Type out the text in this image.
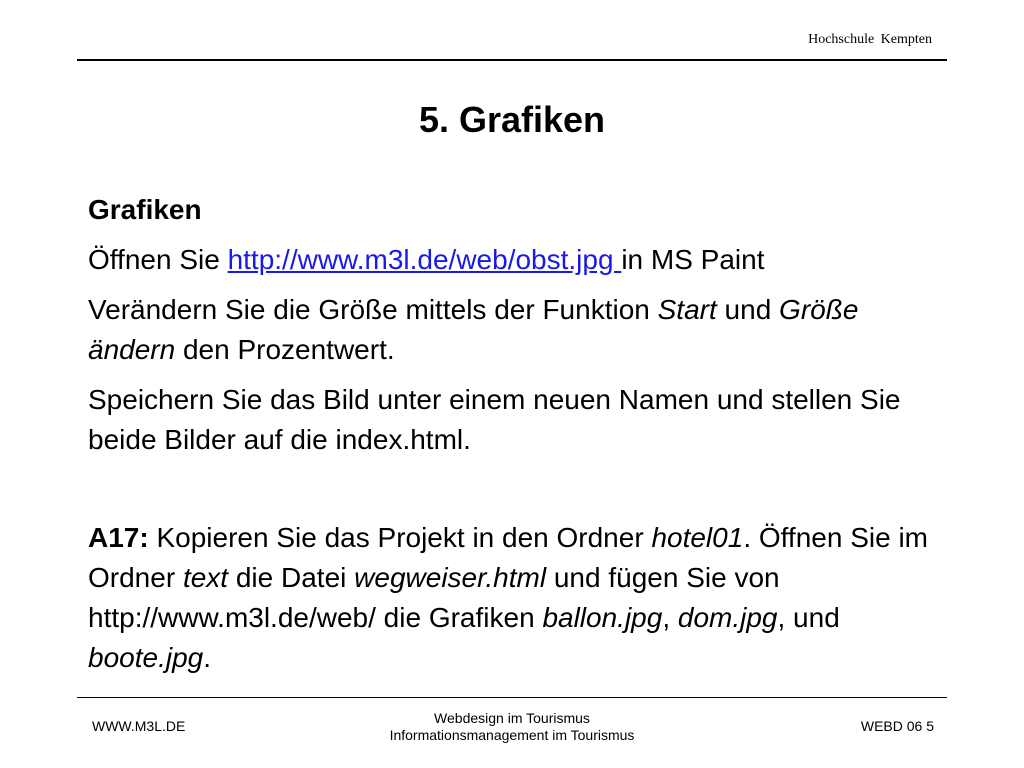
Hochschule Kempten
5. Grafiken

Grafiken

Öffnen Sie http://www.m3l.de/web/obst.jpg in MS Paint

Verändern Sie die Größe mittels der Funktion Start und Größe ändern den Prozentwert.

Speichern Sie das Bild unter einem neuen Namen und stellen Sie beide Bilder auf die index.html.

A17: Kopieren Sie das Projekt in den Ordner hotel01. Öffnen Sie im Ordner text die Datei wegweiser.html und fügen Sie von http://www.m3l.de/web/ die Grafiken ballon.jpg, dom.jpg, und boote.jpg.

WWW.M3L.DE	Webdesign im Tourismus
Informationsmanagement im Tourismus
WEBD 06 5
